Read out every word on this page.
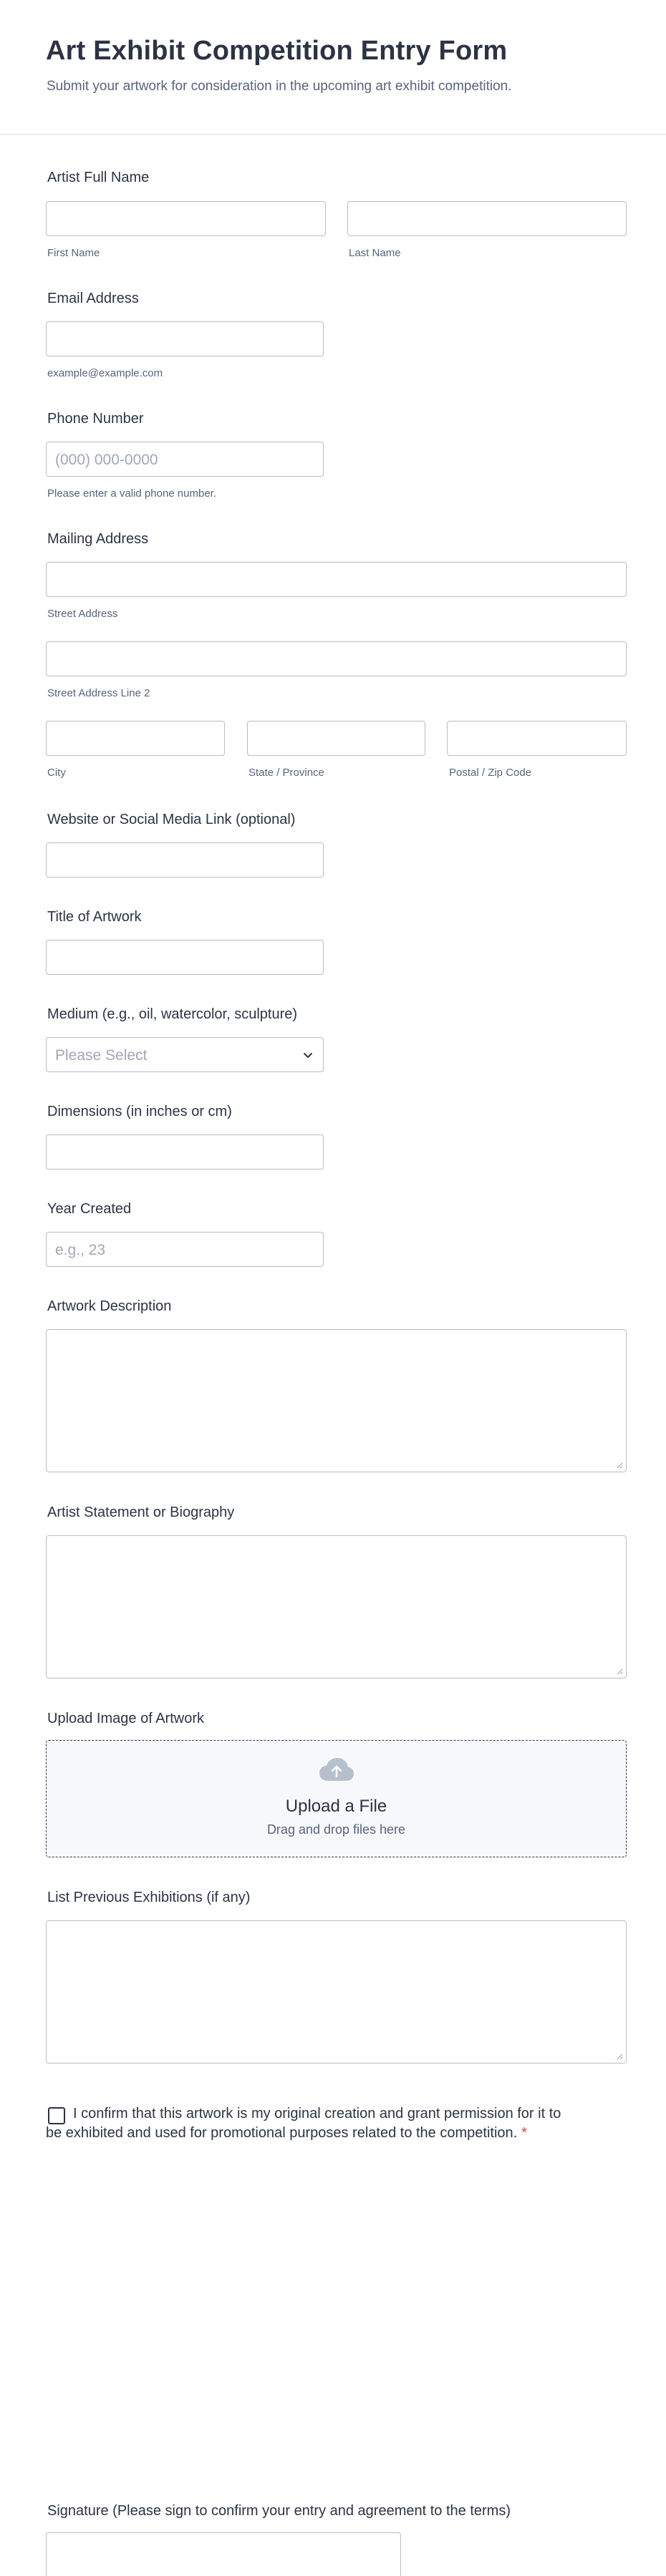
Art Exhibit Competition Entry Form
Submit your artwork for consideration in the upcoming art exhibit competition.
Artist Full Name
First Name	Last Name
Email Address
example@example.com
Phone Number
(000) 000-0000
Please enter a valid phone number.
Mailing Address
Street Address
Street Address Line 2
City	State / Province	Postal / Zip Code
Website or Social Media Link (optional)
Title of Artwork
Medium (e.g., oil, watercolor, sculpture)
Please Select
Dimensions (in inches or cm)
Year Created
e.g., 23
Artwork Description
Artist Statement or Biography
Upload Image of Artwork
Upload a File
Drag and drop files here
List Previous Exhibitions (if any)
I confirm that this artwork is my original creation and grant permission for it to be exhibited and used for promotional purposes related to the competition. *
Signature (Please sign to confirm your entry and agreement to the terms)
